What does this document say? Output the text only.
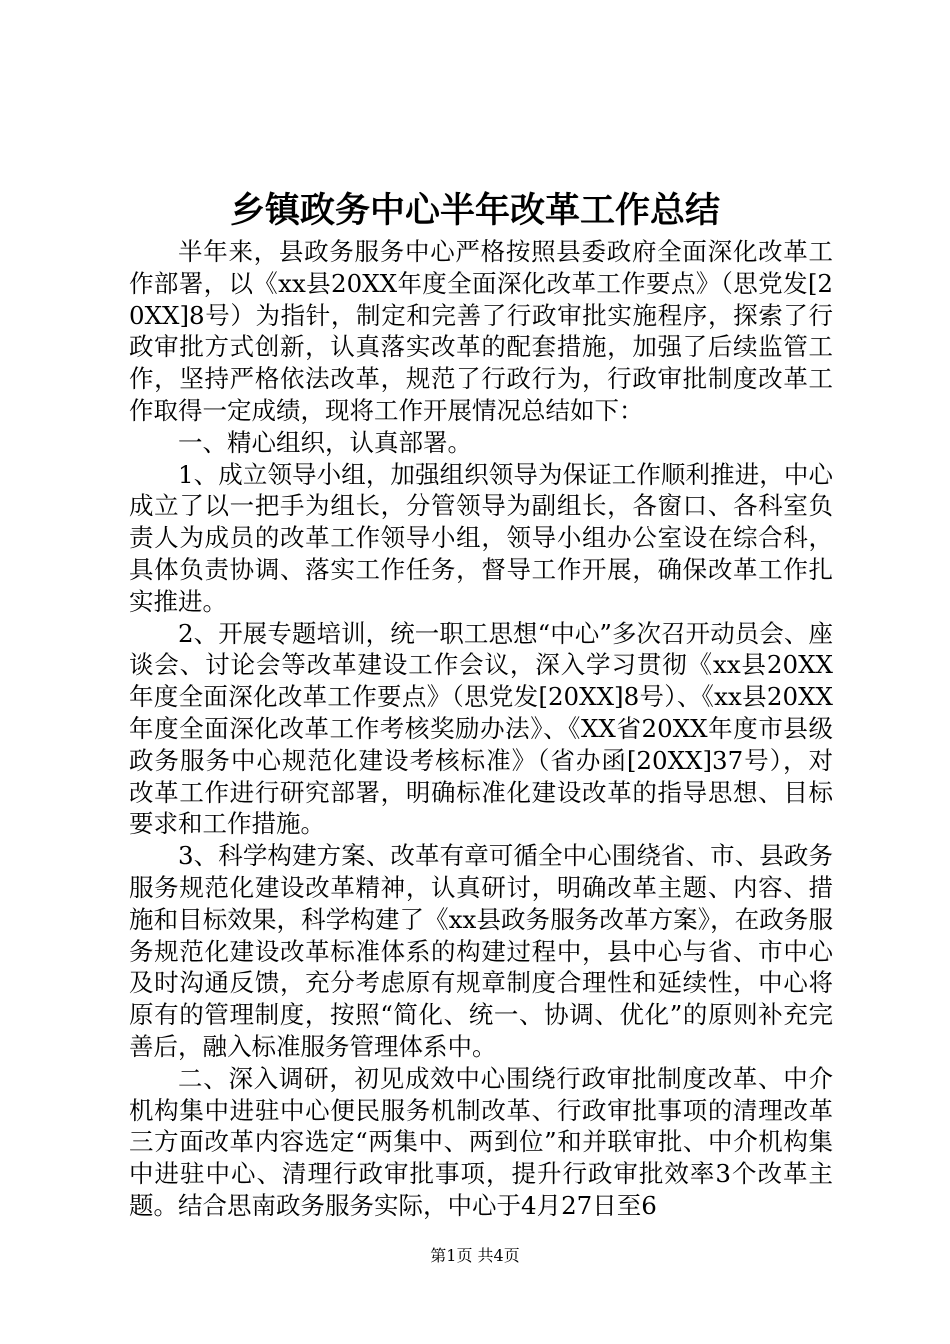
乡镇政务中心半年改革工作总结

半年来，县政务服务中心严格按照县委政府全面深化改革工作部署，以《xx县20XX年度全面深化改革工作要点》（思党发[20XX]8号）为指针，制定和完善了行政审批实施程序，探索了行政审批方式创新，认真落实改革的配套措施，加强了后续监管工作，坚持严格依法改革，规范了行政行为，行政审批制度改革工作取得一定成绩，现将工作开展情况总结如下：

一、精心组织，认真部署。

1、成立领导小组，加强组织领导为保证工作顺利推进，中心成立了以一把手为组长，分管领导为副组长，各窗口、各科室负责人为成员的改革工作领导小组，领导小组办公室设在综合科，具体负责协调、落实工作任务，督导工作开展，确保改革工作扎实推进。

2、开展专题培训，统一职工思想“中心”多次召开动员会、座谈会、讨论会等改革建设工作会议，深入学习贯彻《xx县20XX年度全面深化改革工作要点》（思党发[20XX]8号）、《xx县20XX年度全面深化改革工作考核奖励办法》、《XX省20XX年度市县级政务服务中心规范化建设考核标准》（省办函[20XX]37号），对改革工作进行研究部署，明确标准化建设改革的指导思想、目标要求和工作措施。

3、科学构建方案、改革有章可循全中心围绕省、市、县政务服务规范化建设改革精神，认真研讨，明确改革主题、内容、措施和目标效果，科学构建了《xx县政务服务改革方案》，在政务服务规范化建设改革标准体系的构建过程中，县中心与省、市中心及时沟通反馈，充分考虑原有规章制度合理性和延续性，中心将原有的管理制度，按照“简化、统一、协调、优化”的原则补充完善后，融入标准服务管理体系中。

二、深入调研，初见成效中心围绕行政审批制度改革、中介机构集中进驻中心便民服务机制改革、行政审批事项的清理改革三方面改革内容选定“两集中、两到位”和并联审批、中介机构集中进驻中心、清理行政审批事项，提升行政审批效率3个改革主题。结合思南政务服务实际，中心于4月27日至6

第1页 共4页
